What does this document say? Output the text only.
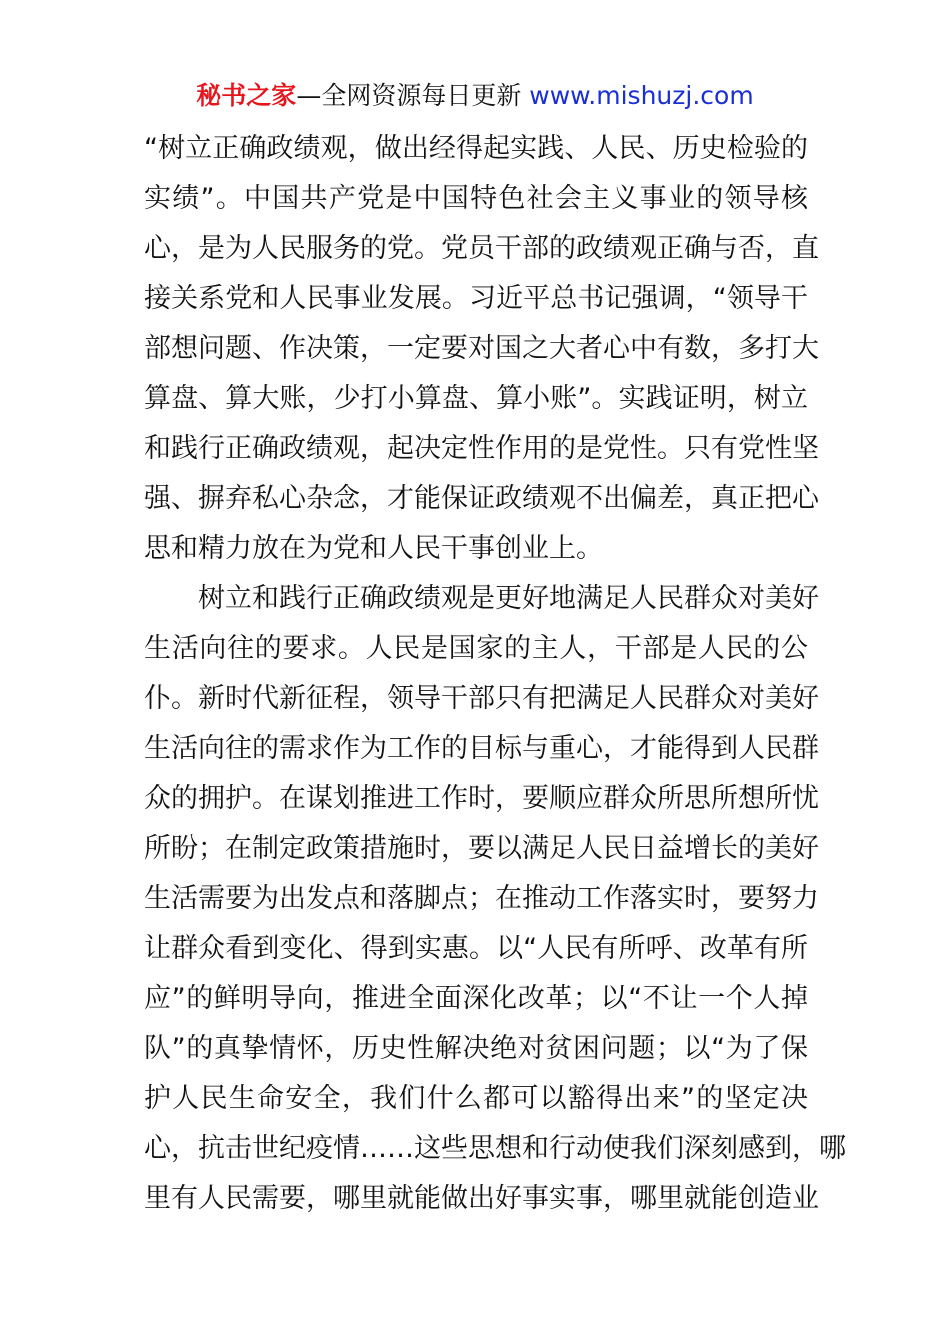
秘书之家—全网资源每日更新 www.mishuzj.com

“树立正确政绩观，做出经得起实践、人民、历史检验的
实绩”。中国共产党是中国特色社会主义事业的领导核
心，是为人民服务的党。党员干部的政绩观正确与否，直
接关系党和人民事业发展。习近平总书记强调，“领导干
部想问题、作决策，一定要对国之大者心中有数，多打大
算盘、算大账，少打小算盘、算小账”。实践证明，树立
和践行正确政绩观，起决定性作用的是党性。只有党性坚
强、摒弃私心杂念，才能保证政绩观不出偏差，真正把心
思和精力放在为党和人民干事创业上。

树立和践行正确政绩观是更好地满足人民群众对美好
生活向往的要求。人民是国家的主人，干部是人民的公
仆。新时代新征程，领导干部只有把满足人民群众对美好
生活向往的需求作为工作的目标与重心，才能得到人民群
众的拥护。在谋划推进工作时，要顺应群众所思所想所忧
所盼；在制定政策措施时，要以满足人民日益增长的美好
生活需要为出发点和落脚点；在推动工作落实时，要努力
让群众看到变化、得到实惠。以“人民有所呼、改革有所
应”的鲜明导向，推进全面深化改革；以“不让一个人掉
队”的真挚情怀，历史性解决绝对贫困问题；以“为了保
护人民生命安全，我们什么都可以豁得出来”的坚定决
心，抗击世纪疫情……这些思想和行动使我们深刻感到，哪
里有人民需要，哪里就能做出好事实事，哪里就能创造业
